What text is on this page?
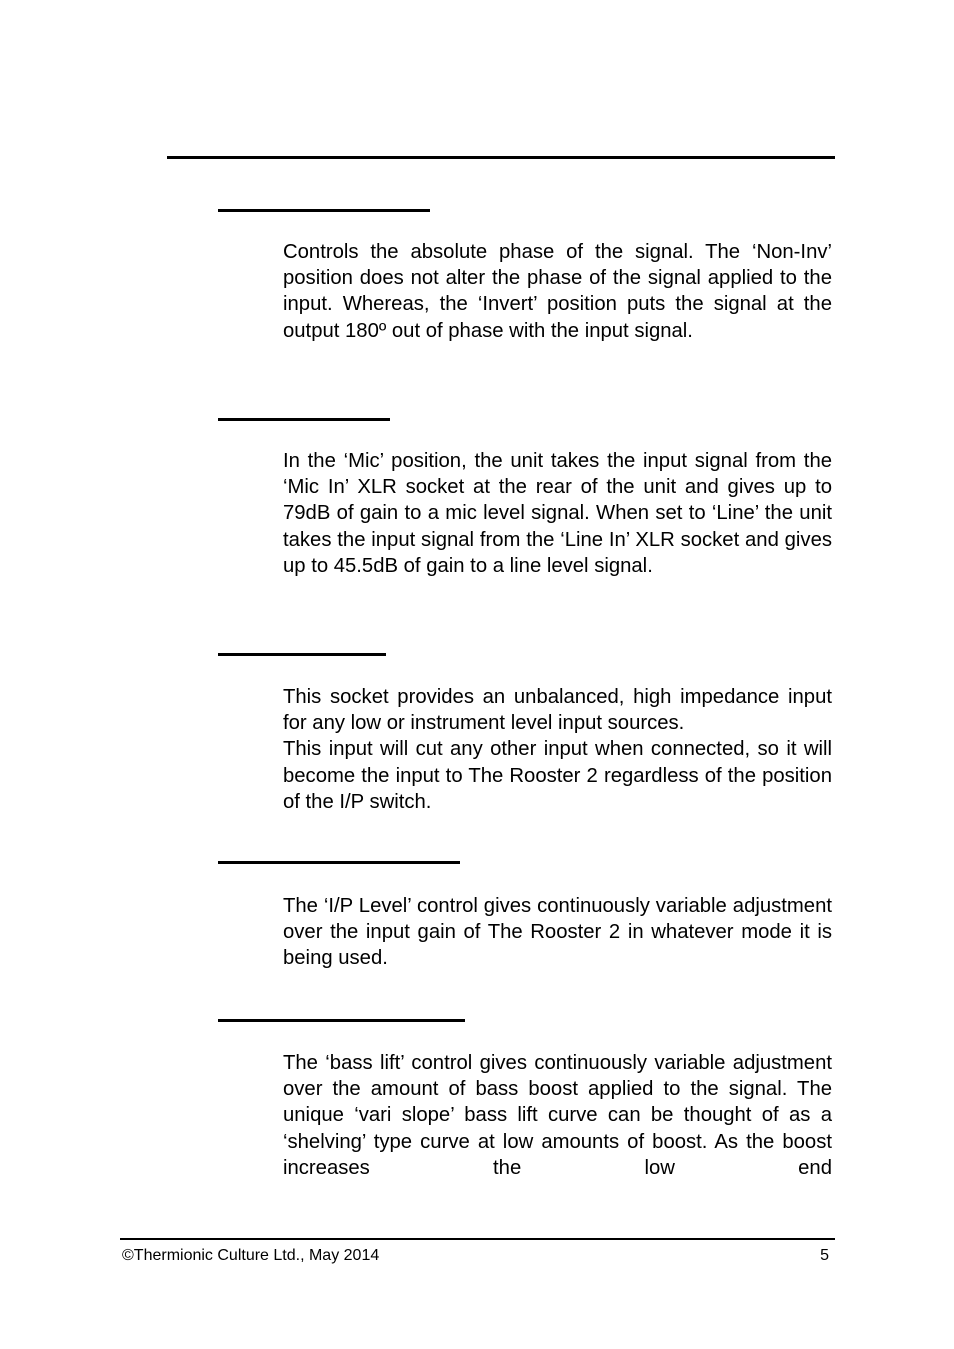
Controls the absolute phase of the signal. The ‘Non-Inv’ position does not alter the phase of the signal applied to the input. Whereas, the ‘Invert’ position puts the signal at the output 180º out of phase with the input signal.

In the ‘Mic’ position, the unit takes the input signal from the ‘Mic In’ XLR socket at the rear of the unit and gives up to 79dB of gain to a mic level signal. When set to ‘Line’ the unit takes the input signal from the ‘Line In’ XLR socket and gives up to 45.5dB of gain to a line level signal.

This socket provides an unbalanced, high impedance input for any low or instrument level input sources.
This input will cut any other input when connected, so it will become the input to The Rooster 2 regardless of the position of the I/P switch.

The ‘I/P Level’ control gives continuously variable adjustment over the input gain of The Rooster 2 in whatever mode it is being used.

The ‘bass lift’ control gives continuously variable adjustment over the amount of bass boost applied to the signal. The unique ‘vari slope’ bass lift curve can be thought of as a ‘shelving’ type curve at low amounts of boost. As the boost increases the low end

©Thermionic Culture Ltd., May 2014	5
